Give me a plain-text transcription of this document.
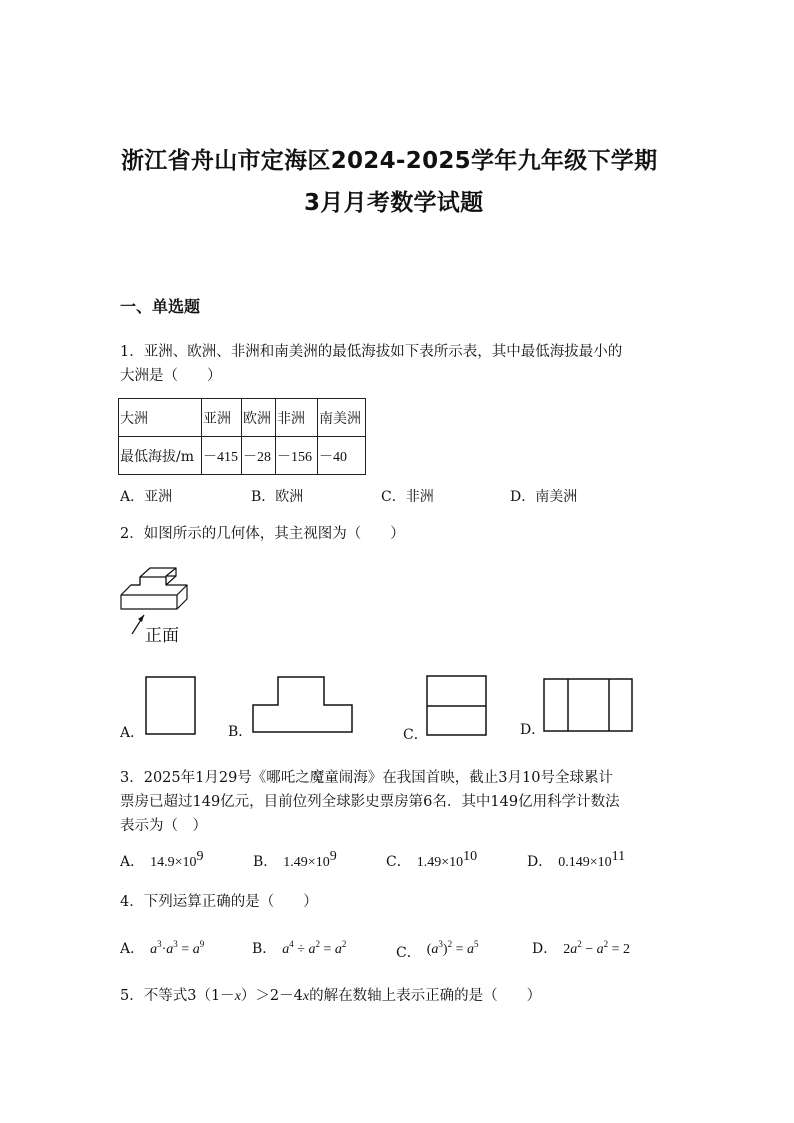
浙江省舟山市定海区2024-2025学年九年级下学期
3月月考数学试题
一、单选题
1．亚洲、欧洲、非洲和南美洲的最低海拔如下表所示表，其中最低海拔最小的
大洲是（　　）
大洲	亚洲	欧洲	非洲	南美洲
最低海拔/m	－415	－28	－156	－40
A．亚洲	B．欧洲	C．非洲	D．南美洲
2．如图所示的几何体，其主视图为（　　）
正面
A．	B．	C．	D．
3．2025年1月29号《哪吒之魔童闹海》在我国首映，截止3月10号全球累计
票房已超过149亿元，目前位列全球影史票房第6名．其中149亿用科学计数法
表示为（　）
A． $14.9\times 10^9$	B． $1.49\times 10^9$	C． $1.49\times 10^{10}$	D． $0.149\times 10^{11}$
4．下列运算正确的是（　　）
A． $a^3\cdot a^3 = a^9$	B． $a^4 \div a^2 = a^2$
C． $(a^3)^2 = a^5$	D． $2a^2 - a^2 = 2$
5．不等式3（1－x）＞2－4x的解在数轴上表示正确的是（　　）
